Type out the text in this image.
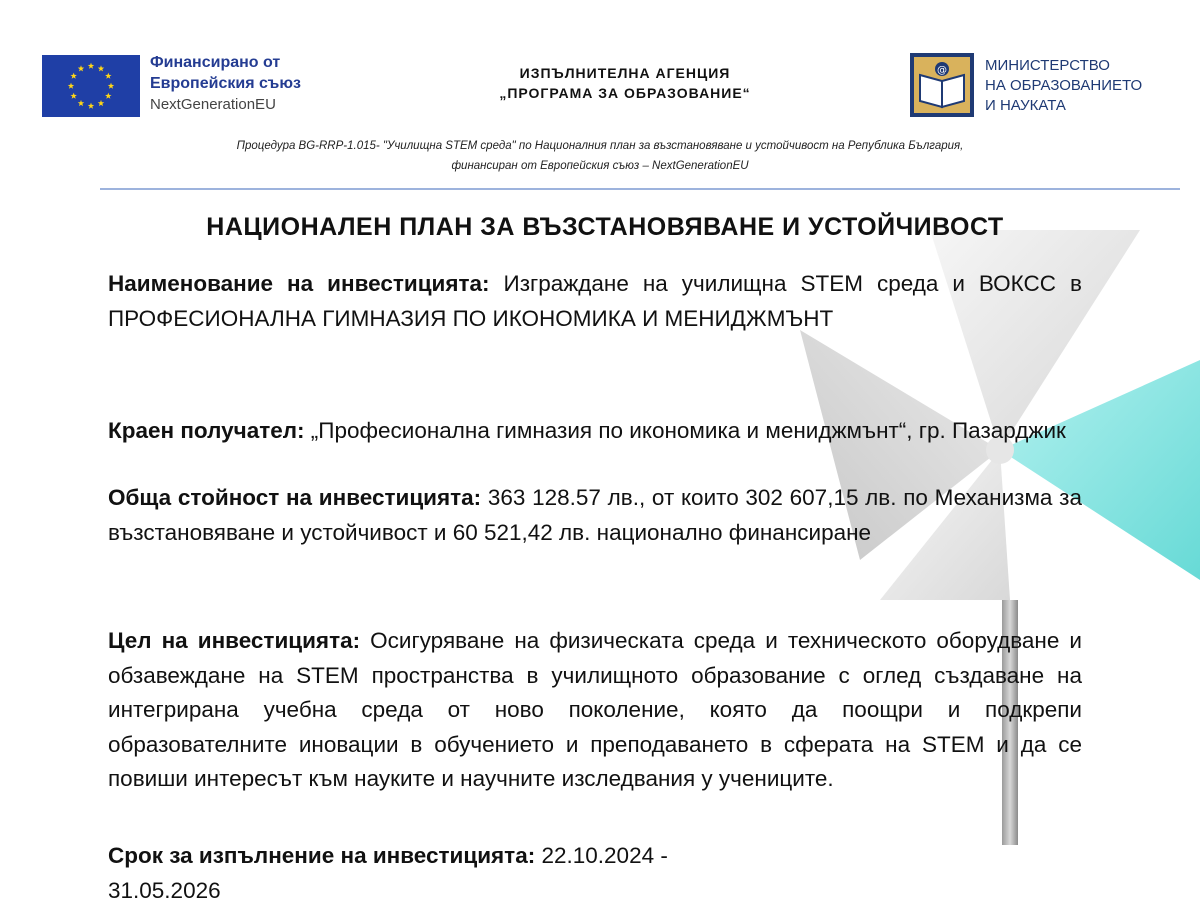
Финансирано от
Европейския съюз
NextGenerationEU
ИЗПЪЛНИТЕЛНА АГЕНЦИЯ
„ПРОГРАМА ЗА ОБРАЗОВАНИЕ“
@	МИНИСТЕРСТВО
НА ОБРАЗОВАНИЕТО
И НАУКАТА
Процедура BG-RRP-1.015- "Училищна STEM среда" по Националния план за възстановяване и устойчивост на Република България,
финансиран от Европейския съюз – NextGenerationEU
НАЦИОНАЛЕН ПЛАН ЗА ВЪЗСТАНОВЯВАНЕ И УСТОЙЧИВОСТ
Наименование на инвестицията: Изграждане на училищна STEM среда и ВОКСС в ПРОФЕСИОНАЛНА ГИМНАЗИЯ ПО ИКОНОМИКА И МЕНИДЖМЪНТ
Краен получател: „Професионална гимназия по икономика и мениджмънт“, гр. Пазарджик
Обща стойност на инвестицията: 363 128.57 лв., от които 302 607,15 лв. по Механизма за възстановяване и устойчивост и 60 521,42 лв. национално финансиране
Цел на инвестицията: Осигуряване на физическата среда и техническото оборудване и обзавеждане на STEM пространства в училищното образование с оглед създаване на интегрирана учебна среда от ново поколение, която да поощри и подкрепи образователните иновации в обучението и преподаването в сферата на STEM и да се повиши интересът към науките и научните изследвания у учениците.
Срок за изпълнение на инвестицията: 22.10.2024 -
31.05.2026
